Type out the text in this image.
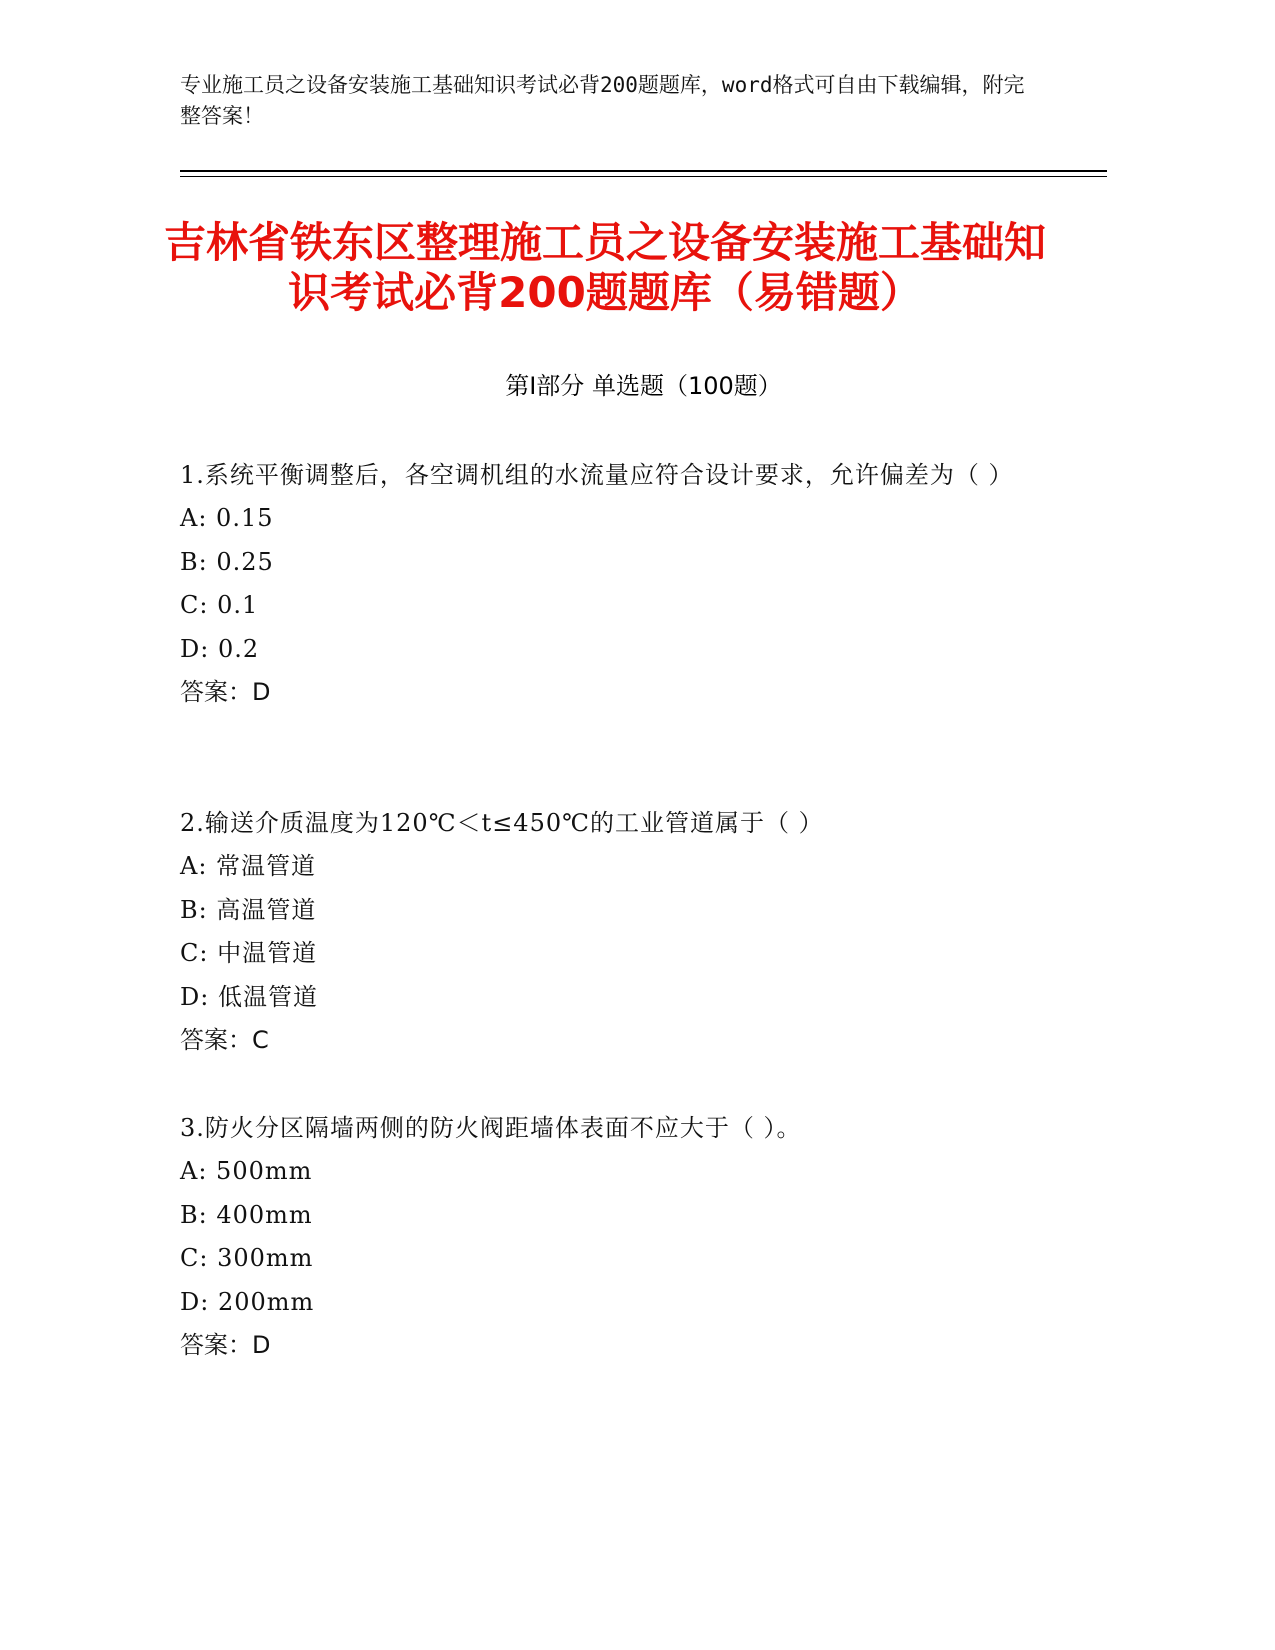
专业施工员之设备安装施工基础知识考试必背200题题库，word格式可自由下载编辑，附完整答案！
吉林省铁东区整理施工员之设备安装施工基础知识考试必背200题题库（易错题）
第I部分 单选题（100题）
1.系统平衡调整后，各空调机组的水流量应符合设计要求，允许偏差为（ ）
A: 0.15
B: 0.25
C: 0.1
D: 0.2
答案：D
2.输送介质温度为120℃＜t≤450℃的工业管道属于（ ）
A: 常温管道
B: 高温管道
C: 中温管道
D: 低温管道
答案：C
3.防火分区隔墙两侧的防火阀距墙体表面不应大于（ ）。
A: 500mm
B: 400mm
C: 300mm
D: 200mm
答案：D
